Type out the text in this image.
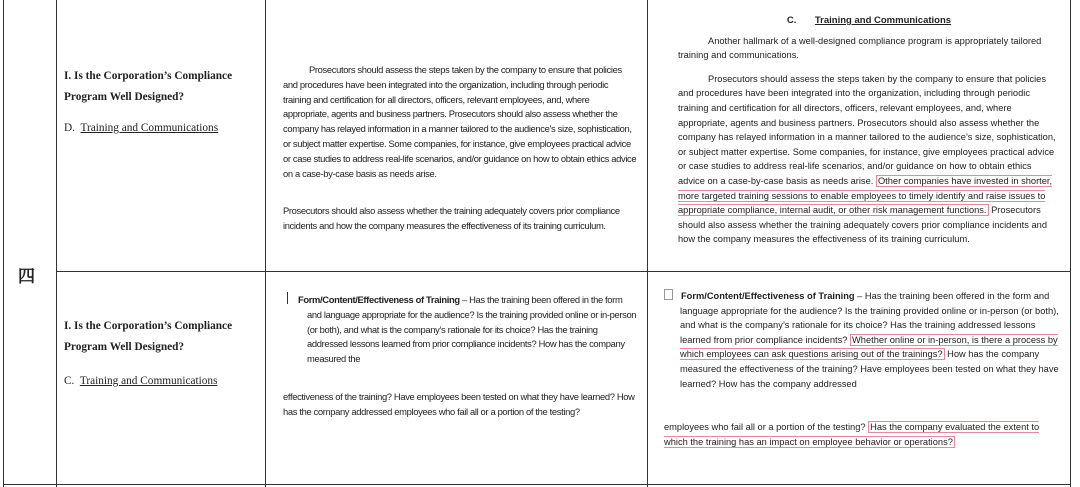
四
I. Is the Corporation’s Compliance Program Well Designed?
D. Training and Communications

Prosecutors should assess the steps taken by the company to ensure that policies and procedures have been integrated into the organization, including through periodic training and certification for all directors, officers, relevant employees, and, where appropriate, agents and business partners. Prosecutors should also assess whether the company has relayed information in a manner tailored to the audience’s size, sophistication, or subject matter expertise. Some companies, for instance, give employees practical advice or case studies to address real-life scenarios, and/or guidance on how to obtain ethics advice on a case-by-case basis as needs arise.

Prosecutors should also assess whether the training adequately covers prior compliance incidents and how the company measures the effectiveness of its training curriculum.

C. Training and Communications

Another hallmark of a well-designed compliance program is appropriately tailored training and communications.

Prosecutors should assess the steps taken by the company to ensure that policies and procedures have been integrated into the organization, including through periodic training and certification for all directors, officers, relevant employees, and, where appropriate, agents and business partners. Prosecutors should also assess whether the company has relayed information in a manner tailored to the audience’s size, sophistication, or subject matter expertise. Some companies, for instance, give employees practical advice or case studies to address real-life scenarios, and/or guidance on how to obtain ethics advice on a case-by-case basis as needs arise. Other companies have invested in shorter, more targeted training sessions to enable employees to timely identify and raise issues to appropriate compliance, internal audit, or other risk management functions. Prosecutors should also assess whether the training adequately covers prior compliance incidents and how the company measures the effectiveness of its training curriculum.

I. Is the Corporation’s Compliance Program Well Designed?
C. Training and Communications

Form/Content/Effectiveness of Training – Has the training been offered in the form and language appropriate for the audience? Is the training provided online or in-person (or both), and what is the company’s rationale for its choice? Has the training addressed lessons learned from prior compliance incidents? How has the company measured the

effectiveness of the training? Have employees been tested on what they have learned? How has the company addressed employees who fail all or a portion of the testing?

Form/Content/Effectiveness of Training – Has the training been offered in the form and language appropriate for the audience? Is the training provided online or in-person (or both), and what is the company’s rationale for its choice? Has the training addressed lessons learned from prior compliance incidents? Whether online or in-person, is there a process by which employees can ask questions arising out of the trainings? How has the company measured the effectiveness of the training? Have employees been tested on what they have learned? How has the company addressed

employees who fail all or a portion of the testing? Has the company evaluated the extent to which the training has an impact on employee behavior or operations?
